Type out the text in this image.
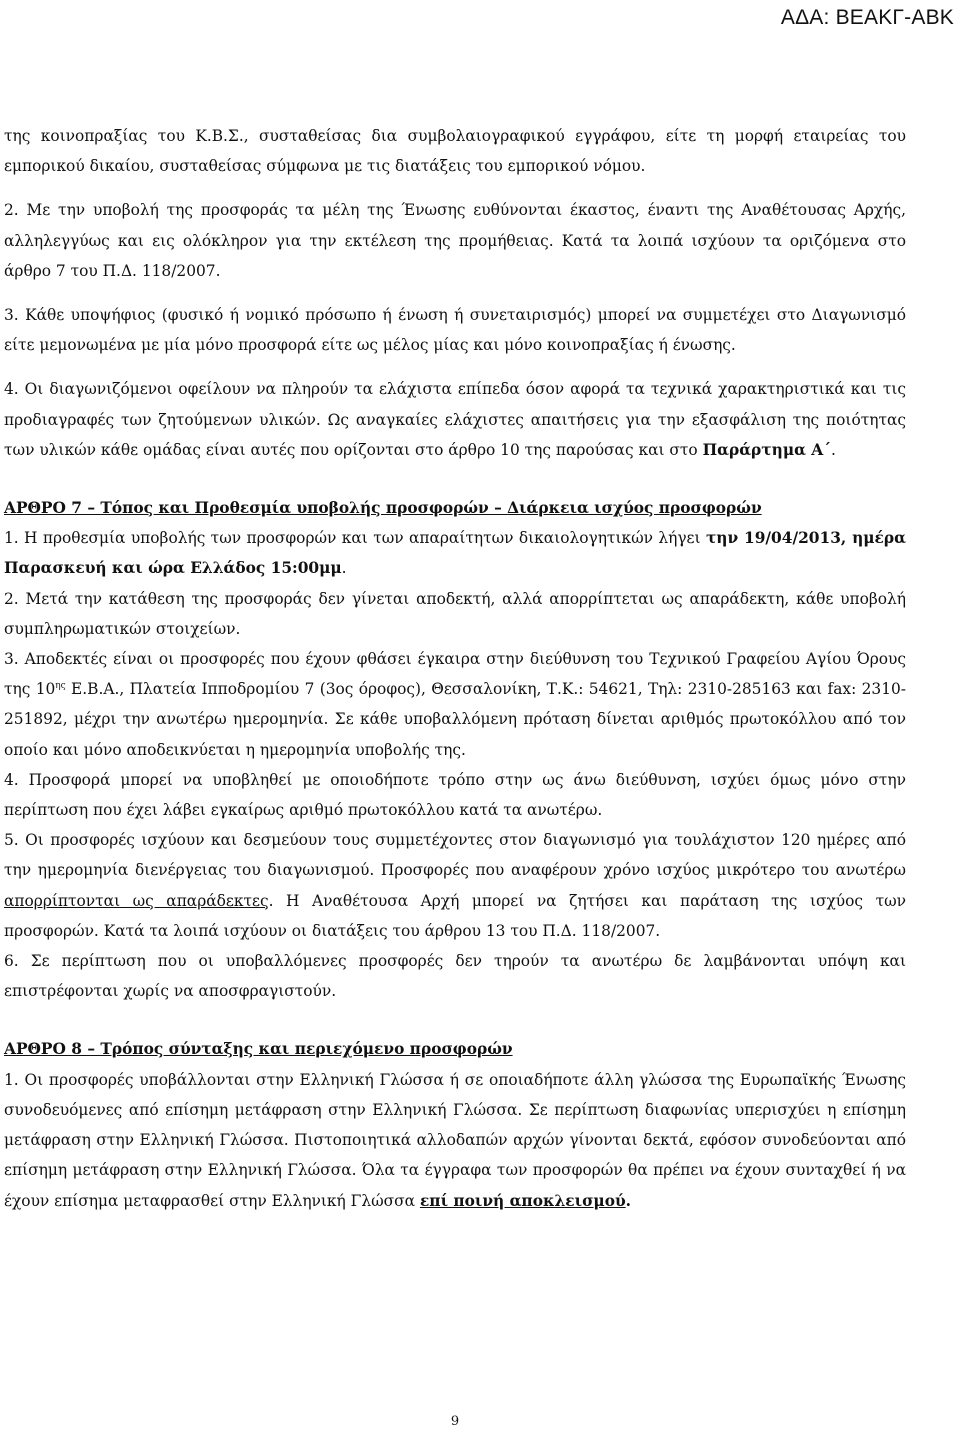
ΑΔΑ: ΒΕΑΚΓ-ΑΒΚ

της κοινοπραξίας του Κ.Β.Σ., συσταθείσας δια συμβολαιογραφικού εγγράφου, είτε τη μορφή εταιρείας του εμπορικού δικαίου, συσταθείσας σύμφωνα με τις διατάξεις του εμπορικού νόμου.

2. Με την υποβολή της προσφοράς τα μέλη της Ένωσης ευθύνονται έκαστος, έναντι της Αναθέτουσας Αρχής, αλληλεγγύως και εις ολόκληρον για την εκτέλεση της προμήθειας. Κατά τα λοιπά ισχύουν τα οριζόμενα στο άρθρο 7 του Π.Δ. 118/2007.

3. Κάθε υποψήφιος (φυσικό ή νομικό πρόσωπο ή ένωση ή συνεταιρισμός) μπορεί να συμμετέχει στο Διαγωνισμό είτε μεμονωμένα με μία μόνο προσφορά είτε ως μέλος μίας και μόνο κοινοπραξίας ή ένωσης.

4. Οι διαγωνιζόμενοι οφείλουν να πληρούν τα ελάχιστα επίπεδα όσον αφορά τα τεχνικά χαρακτηριστικά και τις προδιαγραφές των ζητούμενων υλικών. Ως αναγκαίες ελάχιστες απαιτήσεις για την εξασφάλιση της ποιότητας των υλικών κάθε ομάδας είναι αυτές που ορίζονται στο άρθρο 10 της παρούσας και στο Παράρτημα Α΄.

ΑΡΘΡΟ 7 – Τόπος και Προθεσμία υποβολής προσφορών – Διάρκεια ισχύος προσφορών

1. Η προθεσμία υποβολής των προσφορών και των απαραίτητων δικαιολογητικών λήγει την 19/04/2013, ημέρα Παρασκευή και ώρα Ελλάδος 15:00μμ.

2. Μετά την κατάθεση της προσφοράς δεν γίνεται αποδεκτή, αλλά απορρίπτεται ως απαράδεκτη, κάθε υποβολή συμπληρωματικών στοιχείων.

3. Αποδεκτές είναι οι προσφορές που έχουν φθάσει έγκαιρα στην διεύθυνση του Τεχνικού Γραφείου Αγίου Όρους της $10^{\eta\varsigma}$ Ε.Β.Α., Πλατεία Ιπποδρομίου 7 (3ος όροφος), Θεσσαλονίκη, Τ.Κ.: 54621, Τηλ: 2310-285163 και fax: 2310-251892, μέχρι την ανωτέρω ημερομηνία. Σε κάθε υποβαλλόμενη πρόταση δίνεται αριθμός πρωτοκόλλου από τον οποίο και μόνο αποδεικνύεται η ημερομηνία υποβολής της.

4. Προσφορά μπορεί να υποβληθεί με οποιοδήποτε τρόπο στην ως άνω διεύθυνση, ισχύει όμως μόνο στην περίπτωση που έχει λάβει εγκαίρως αριθμό πρωτοκόλλου κατά τα ανωτέρω.

5. Οι προσφορές ισχύουν και δεσμεύουν τους συμμετέχοντες στον διαγωνισμό για τουλάχιστον 120 ημέρες από την ημερομηνία διενέργειας του διαγωνισμού. Προσφορές που αναφέρουν χρόνο ισχύος μικρότερο του ανωτέρω απορρίπτονται ως απαράδεκτες. Η Αναθέτουσα Αρχή μπορεί να ζητήσει και παράταση της ισχύος των προσφορών. Κατά τα λοιπά ισχύουν οι διατάξεις του άρθρου 13 του Π.Δ. 118/2007.

6. Σε περίπτωση που οι υποβαλλόμενες προσφορές δεν τηρούν τα ανωτέρω δε λαμβάνονται υπόψη και επιστρέφονται χωρίς να αποσφραγιστούν.

ΑΡΘΡΟ 8 – Τρόπος σύνταξης και περιεχόμενο προσφορών

1. Οι προσφορές υποβάλλονται στην Ελληνική Γλώσσα ή σε οποιαδήποτε άλλη γλώσσα της Ευρωπαϊκής Ένωσης συνοδευόμενες από επίσημη μετάφραση στην Ελληνική Γλώσσα. Σε περίπτωση διαφωνίας υπερισχύει η επίσημη μετάφραση στην Ελληνική Γλώσσα. Πιστοποιητικά αλλοδαπών αρχών γίνονται δεκτά, εφόσον συνοδεύονται από επίσημη μετάφραση στην Ελληνική Γλώσσα. Όλα τα έγγραφα των προσφορών θα πρέπει να έχουν συνταχθεί ή να έχουν επίσημα μεταφρασθεί στην Ελληνική Γλώσσα επί ποινή αποκλεισμού.

9
